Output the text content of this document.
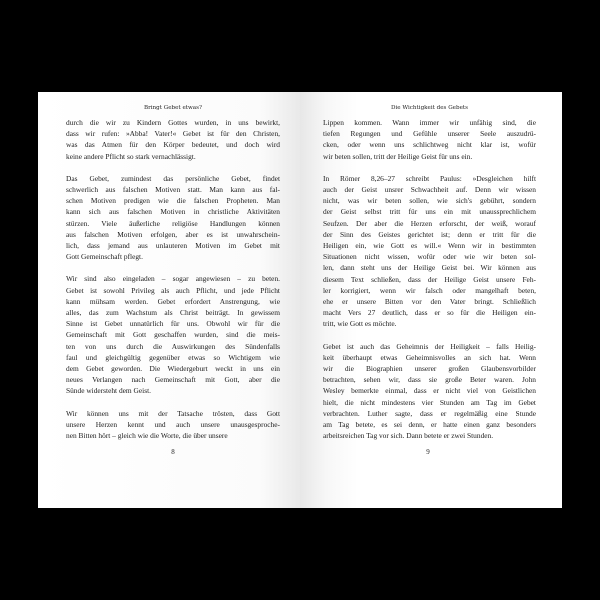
Bringt Gebet etwas?

durch die wir zu Kindern Gottes wurden, in uns bewirkt,
dass wir rufen: »Abba! Vater!« Gebet ist für den Christen,
was das Atmen für den Körper bedeutet, und doch wird
keine andere Pflicht so stark vernachlässigt.

Das Gebet, zumindest das persönliche Gebet, findet
schwerlich aus falschen Motiven statt. Man kann aus fal-
schen Motiven predigen wie die falschen Propheten. Man
kann sich aus falschen Motiven in christliche Aktivitäten
stürzen. Viele äußerliche religiöse Handlungen können
aus falschen Motiven erfolgen, aber es ist unwahrschein-
lich, dass jemand aus unlauteren Motiven im Gebet mit
Gott Gemeinschaft pflegt.

Wir sind also eingeladen – sogar angewiesen – zu beten.
Gebet ist sowohl Privileg als auch Pflicht, und jede Pflicht
kann mühsam werden. Gebet erfordert Anstrengung, wie
alles, das zum Wachstum als Christ beiträgt. In gewissem
Sinne ist Gebet unnatürlich für uns. Obwohl wir für die
Gemeinschaft mit Gott geschaffen wurden, sind die meis-
ten von uns durch die Auswirkungen des Sündenfalls
faul und gleichgültig gegenüber etwas so Wichtigem wie
dem Gebet geworden. Die Wiedergeburt weckt in uns ein
neues Verlangen nach Gemeinschaft mit Gott, aber die
Sünde widersteht dem Geist.

Wir können uns mit der Tatsache trösten, dass Gott
unsere Herzen kennt und auch unsere unausgesproche-
nen Bitten hört – gleich wie die Worte, die über unsere

8
Die Wichtigkeit des Gebets

Lippen kommen. Wann immer wir unfähig sind, die
tiefen Regungen und Gefühle unserer Seele auszudrü-
cken, oder wenn uns schlichtweg nicht klar ist, wofür
wir beten sollen, tritt der Heilige Geist für uns ein.

In Römer 8,26–27 schreibt Paulus: »Desgleichen hilft
auch der Geist unsrer Schwachheit auf. Denn wir wissen
nicht, was wir beten sollen, wie sich's gebührt, sondern
der Geist selbst tritt für uns ein mit unaussprechlichem
Seufzen. Der aber die Herzen erforscht, der weiß, worauf
der Sinn des Geistes gerichtet ist; denn er tritt für die
Heiligen ein, wie Gott es will.« Wenn wir in bestimmten
Situationen nicht wissen, wofür oder wie wir beten sol-
len, dann steht uns der Heilige Geist bei. Wir können aus
diesem Text schließen, dass der Heilige Geist unsere Feh-
ler korrigiert, wenn wir falsch oder mangelhaft beten,
ehe er unsere Bitten vor den Vater bringt. Schließlich
macht Vers 27 deutlich, dass er so für die Heiligen ein-
tritt, wie Gott es möchte.

Gebet ist auch das Geheimnis der Heiligkeit – falls Heilig-
keit überhaupt etwas Geheimnisvolles an sich hat. Wenn
wir die Biographien unserer großen Glaubensvorbilder
betrachten, sehen wir, dass sie große Beter waren. John
Wesley bemerkte einmal, dass er nicht viel von Geistlichen
hielt, die nicht mindestens vier Stunden am Tag im Gebet
verbrachten. Luther sagte, dass er regelmäßig eine Stunde
am Tag betete, es sei denn, er hatte einen ganz besonders
arbeitsreichen Tag vor sich. Dann betete er zwei Stunden.

9
